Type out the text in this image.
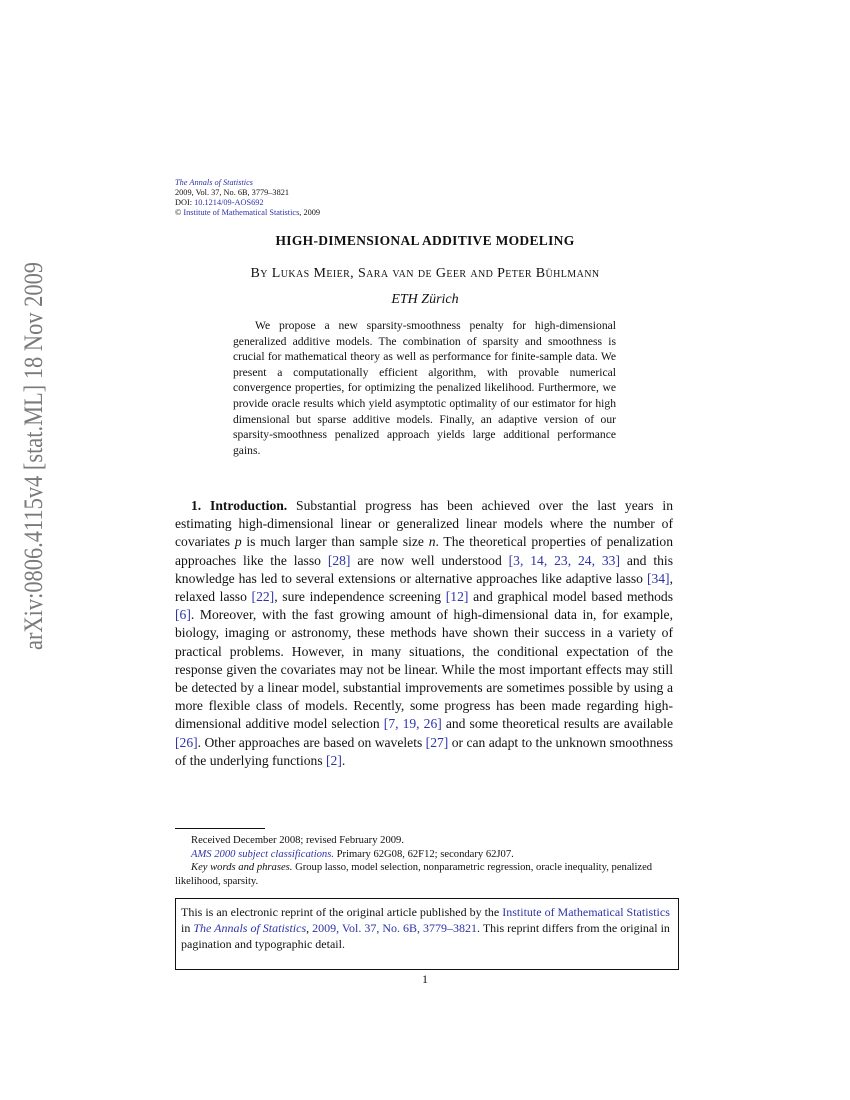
arXiv:0806.4115v4 [stat.ML] 18 Nov 2009
The Annals of Statistics
2009, Vol. 37, No. 6B, 3779–3821
DOI: 10.1214/09-AOS692
© Institute of Mathematical Statistics, 2009
HIGH-DIMENSIONAL ADDITIVE MODELING
By Lukas Meier, Sara van de Geer and Peter Bühlmann
ETH Zürich

We propose a new sparsity-smoothness penalty for high-dimensional generalized additive models. The combination of sparsity and smoothness is crucial for mathematical theory as well as performance for finite-sample data. We present a computationally efficient algorithm, with provable numerical convergence properties, for optimizing the penalized likelihood. Furthermore, we provide oracle results which yield asymptotic optimality of our estimator for high dimensional but sparse additive models. Finally, an adaptive version of our sparsity-smoothness penalized approach yields large additional performance gains.

1. Introduction. Substantial progress has been achieved over the last years in estimating high-dimensional linear or generalized linear models where the number of covariates p is much larger than sample size n. The theoretical properties of penalization approaches like the lasso [28] are now well understood [3, 14, 23, 24, 33] and this knowledge has led to several extensions or alternative approaches like adaptive lasso [34], relaxed lasso [22], sure independence screening [12] and graphical model based methods [6]. Moreover, with the fast growing amount of high-dimensional data in, for example, biology, imaging or astronomy, these methods have shown their success in a variety of practical problems. However, in many situations, the conditional expectation of the response given the covariates may not be linear. While the most important effects may still be detected by a linear model, substantial improvements are sometimes possible by using a more flexible class of models. Recently, some progress has been made regarding high-dimensional additive model selection [7, 19, 26] and some theoretical results are available [26]. Other approaches are based on wavelets [27] or can adapt to the unknown smoothness of the underlying functions [2].

Received December 2008; revised February 2009.

AMS 2000 subject classifications. Primary 62G08, 62F12; secondary 62J07.

Key words and phrases. Group lasso, model selection, nonparametric regression, oracle inequality, penalized likelihood, sparsity.

This is an electronic reprint of the original article published by the Institute of Mathematical Statistics in The Annals of Statistics, 2009, Vol. 37, No. 6B, 3779–3821. This reprint differs from the original in pagination and typographic detail.
1
